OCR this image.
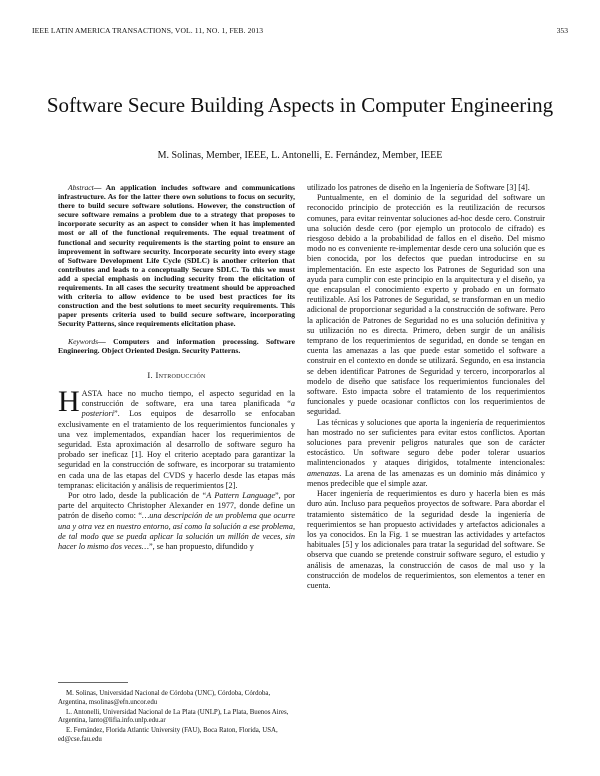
IEEE LATIN AMERICA TRANSACTIONS, VOL. 11, NO. 1, FEB. 2013	353
Software Secure Building Aspects in Computer Engineering
M. Solinas, Member, IEEE, L. Antonelli, E. Fernández, Member, IEEE

Abstract— An application includes software and communications infrastructure. As for the latter there own solutions to focus on security, there to build secure software solutions. However, the construction of secure software remains a problem due to a strategy that proposes to incorporate security as an aspect to consider when it has implemented most or all of the functional requirements. The equal treatment of functional and security requirements is the starting point to ensure an improvement in software security. Incorporate security into every stage of Software Development Life Cycle (SDLC) is another criterion that contributes and leads to a conceptually Secure SDLC. To this we must add a special emphasis on including security from the elicitation of requirements. In all cases the security treatment should be approached with criteria to allow evidence to be used best practices for its construction and the best solutions to meet security requirements. This paper presents criteria used to build secure software, incorporating Security Patterns, since requirements elicitation phase.

Keywords— Computers and information processing. Software Engineering. Object Oriented Design. Security Patterns.

I. Introducción

HASTA hace no mucho tiempo, el aspecto seguridad en la construcción de software, era una tarea planificada “a posteriori”. Los equipos de desarrollo se enfocaban exclusivamente en el tratamiento de los requerimientos funcionales y una vez implementados, expandían hacer los requerimientos de seguridad. Esta aproximación al desarrollo de software seguro ha probado ser ineficaz [1]. Hoy el criterio aceptado para garantizar la seguridad en la construcción de software, es incorporar su tratamiento en cada una de las etapas del CVDS y hacerlo desde las etapas más tempranas: elicitación y análisis de requerimientos [2].

Por otro lado, desde la publicación de “A Pattern Language”, por parte del arquitecto Christopher Alexander en 1977, donde define un patrón de diseño como: “…una descripción de un problema que ocurre una y otra vez en nuestro entorno, así como la solución a ese problema, de tal modo que se pueda aplicar la solución un millón de veces, sin hacer lo mismo dos veces…”, se han propuesto, difundido y

M. Solinas, Universidad Nacional de Córdoba (UNC), Córdoba, Córdoba, Argentina, msolinas@efn.uncor.edu

L. Antonelli, Universidad Nacional de La Plata (UNLP), La Plata, Buenos Aires, Argentina, lanto@lifia.info.unlp.edu.ar

E. Fernández, Florida Atlantic University (FAU), Boca Raton, Florida, USA, ed@cse.fau.edu

utilizado los patrones de diseño en la Ingeniería de Software [3] [4].

Puntualmente, en el dominio de la seguridad del software un reconocido principio de protección es la reutilización de recursos comunes, para evitar reinventar soluciones ad-hoc desde cero. Construir una solución desde cero (por ejemplo un protocolo de cifrado) es riesgoso debido a la probabilidad de fallos en el diseño. Del mismo modo no es conveniente re-implementar desde cero una solución que es bien conocida, por los defectos que puedan introducirse en su implementación. En este aspecto los Patrones de Seguridad son una ayuda para cumplir con este principio en la arquitectura y el diseño, ya que encapsulan el conocimiento experto y probado en un formato reutilizable. Así los Patrones de Seguridad, se transforman en un medio adicional de proporcionar seguridad a la construcción de software. Pero la aplicación de Patrones de Seguridad no es una solución definitiva y su utilización no es directa. Primero, deben surgir de un análisis temprano de los requerimientos de seguridad, en donde se tengan en cuenta las amenazas a las que puede estar sometido el software a construir en el contexto en donde se utilizará. Segundo, en esa instancia se deben identificar Patrones de Seguridad y tercero, incorporarlos al modelo de diseño que satisface los requerimientos funcionales del software. Esto impacta sobre el tratamiento de los requerimientos funcionales y puede ocasionar conflictos con los requerimientos de seguridad.

Las técnicas y soluciones que aporta la ingeniería de requerimientos han mostrado no ser suficientes para evitar estos conflictos. Aportan soluciones para prevenir peligros naturales que son de carácter estocástico. Un software seguro debe poder tolerar usuarios malintencionados y ataques dirigidos, totalmente intencionales: amenazas. La arena de las amenazas es un dominio más dinámico y menos predecible que el simple azar.

Hacer ingeniería de requerimientos es duro y hacerla bien es más duro aún. Incluso para pequeños proyectos de software. Para abordar el tratamiento sistemático de la seguridad desde la ingeniería de requerimientos se han propuesto actividades y artefactos adicionales a los ya conocidos. En la Fig. 1 se muestran las actividades y artefactos habituales [5] y los adicionales para tratar la seguridad del software. Se observa que cuando se pretende construir software seguro, el estudio y análisis de amenazas, la construcción de casos de mal uso y la construcción de modelos de requerimientos, son elementos a tener en cuenta.
